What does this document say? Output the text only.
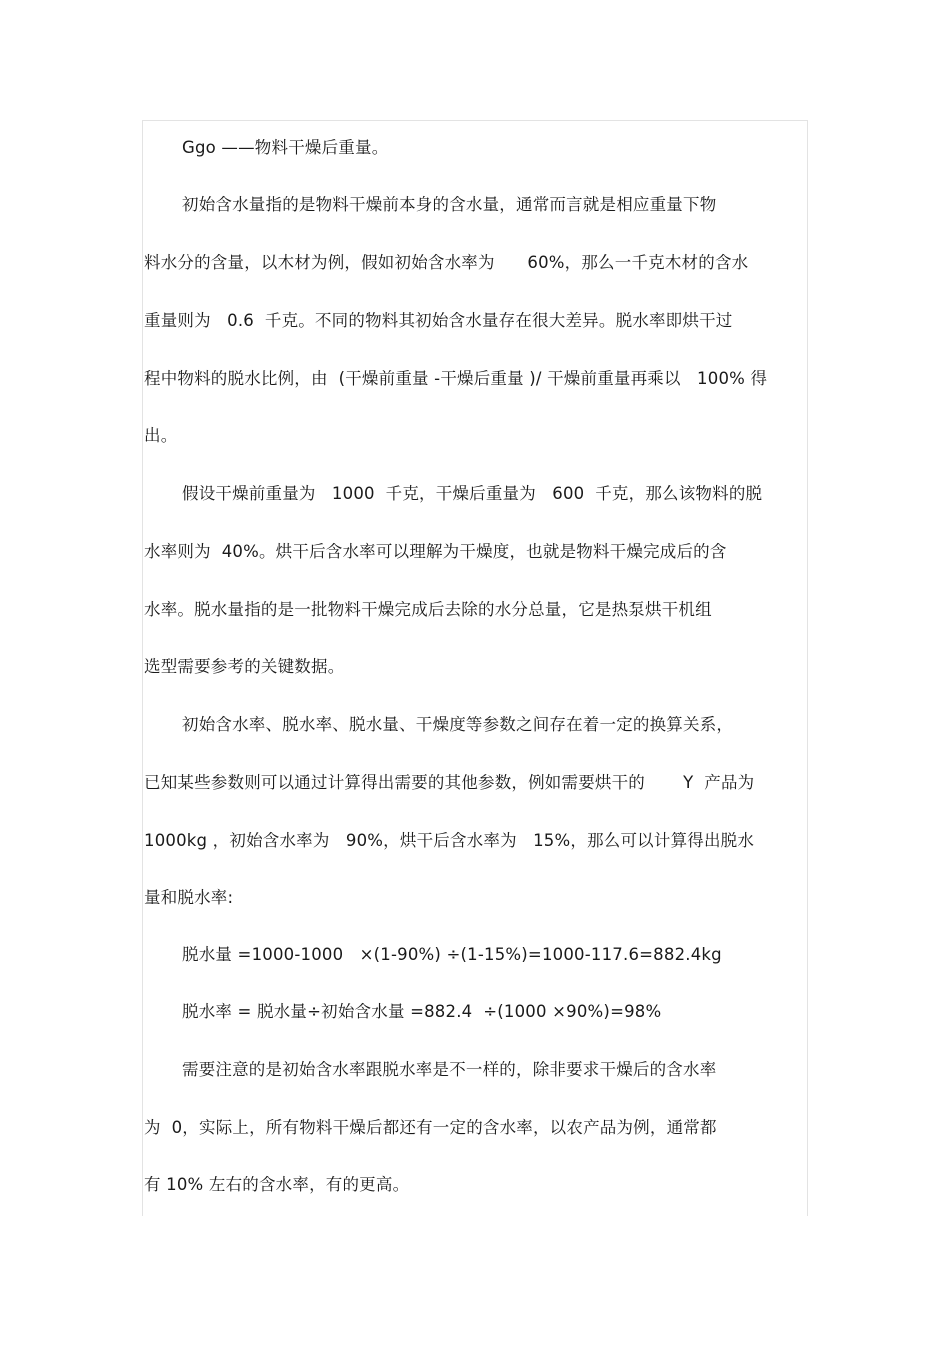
Ggo ——物料干燥后重量。
初始含水量指的是物料干燥前本身的含水量，通常而言就是相应重量下物
料水分的含量，以木材为例，假如初始含水率为      60%，那么一千克木材的含水
重量则为   0.6  千克。不同的物料其初始含水量存在很大差异。脱水率即烘干过
程中物料的脱水比例，由  (干燥前重量 -干燥后重量 )/ 干燥前重量再乘以   100% 得
出。
假设干燥前重量为   1000  千克，干燥后重量为   600  千克，那么该物料的脱
水率则为  40%。烘干后含水率可以理解为干燥度，也就是物料干燥完成后的含
水率。脱水量指的是一批物料干燥完成后去除的水分总量，它是热泵烘干机组
选型需要参考的关键数据。
初始含水率、脱水率、脱水量、干燥度等参数之间存在着一定的换算关系，
已知某些参数则可以通过计算得出需要的其他参数，例如需要烘干的       Y  产品为
1000kg ，初始含水率为   90%，烘干后含水率为   15%，那么可以计算得出脱水
量和脱水率:
脱水量 =1000-1000   ×(1-90%) ÷(1-15%)=1000-117.6=882.4kg
脱水率 = 脱水量÷初始含水量 =882.4  ÷(1000 ×90%)=98%
需要注意的是初始含水率跟脱水率是不一样的，除非要求干燥后的含水率
为  0，实际上，所有物料干燥后都还有一定的含水率，以农产品为例，通常都
有 10% 左右的含水率，有的更高。
